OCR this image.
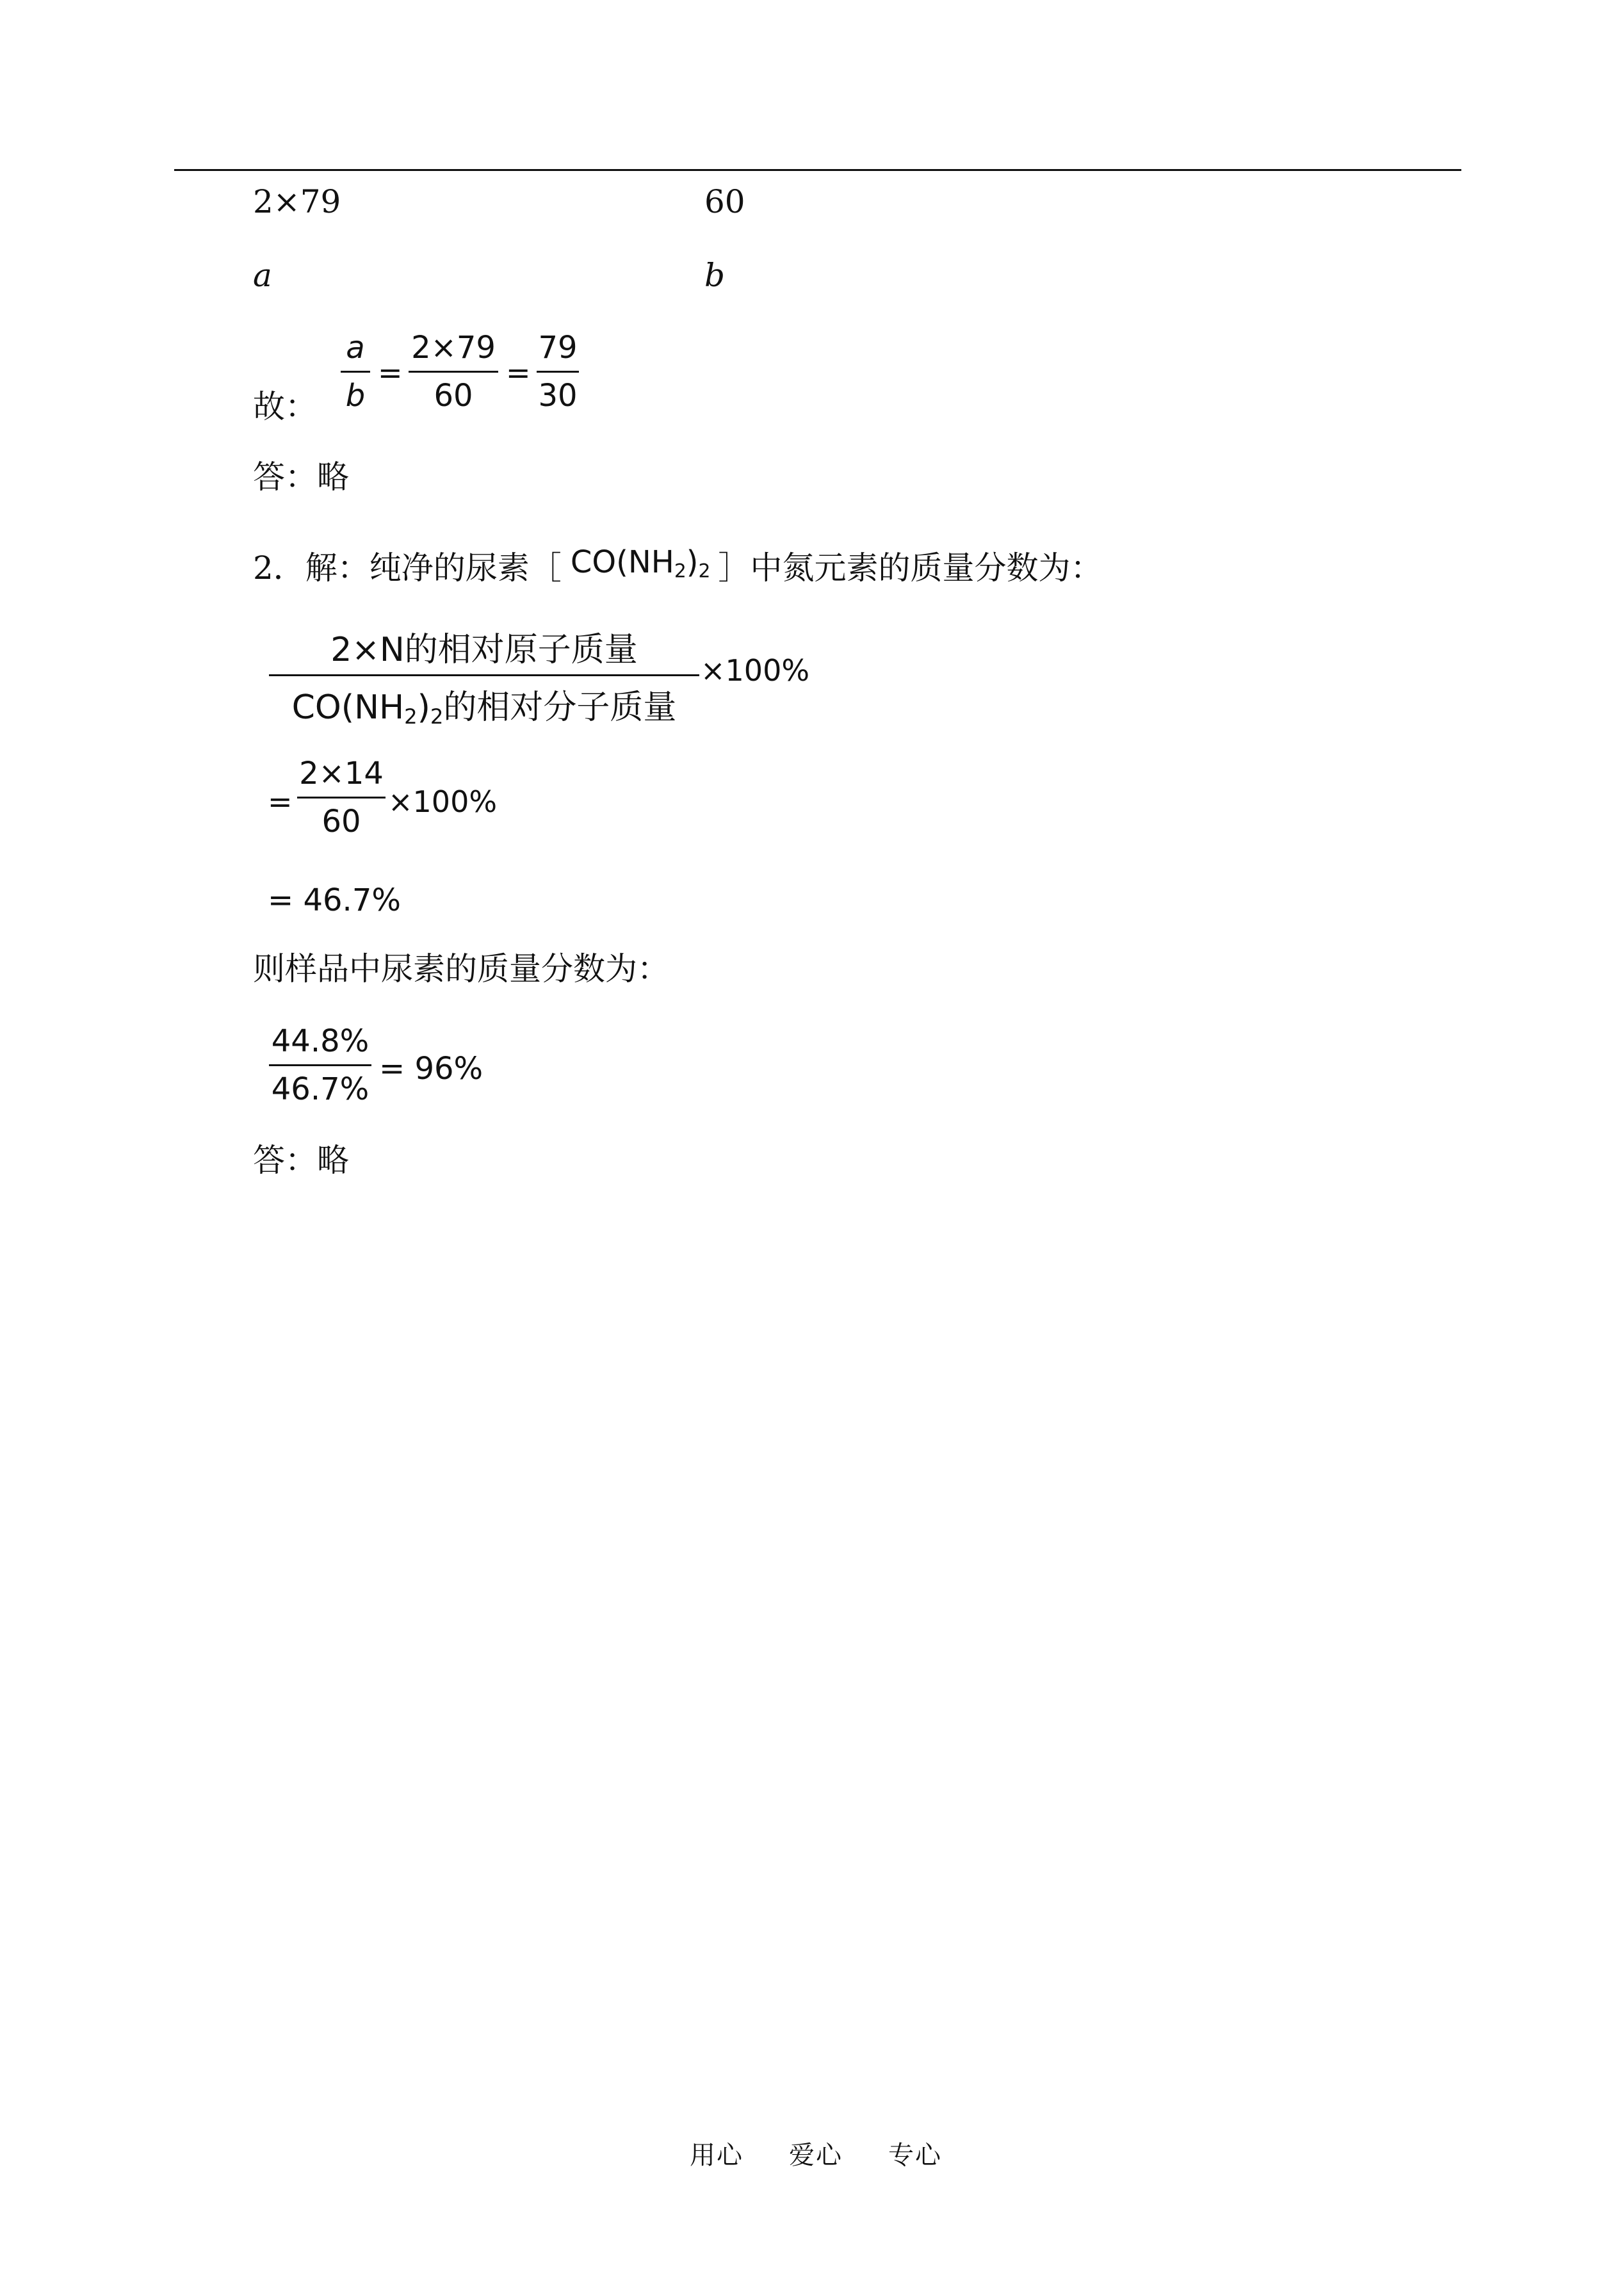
2×79	60
a	b
故：
a
b
=
2×79
60
=
79
30
答：略
2．解：纯净的尿素［ $CO(NH_2)_2$ ］中氮元素的质量分数为：
2×N的相对原子质量
$CO(NH_2)_2$的相对分子质量
×100%
=
2×14
60
×100%
= 46.7%
则样品中尿素的质量分数为：
44.8%
46.7%
= 96%
答：略
用心 爱心 专心
